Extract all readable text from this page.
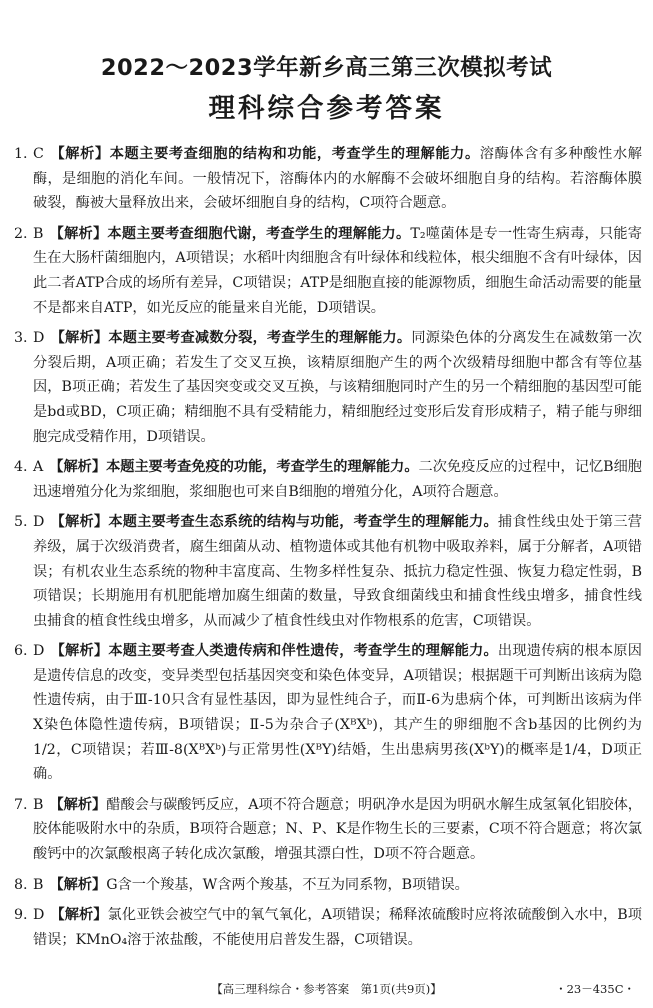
2022～2023学年新乡高三第三次模拟考试
理科综合参考答案
1. C 【解析】本题主要考查细胞的结构和功能，考查学生的理解能力。溶酶体含有多种酸性水解酶，是细胞的消化车间。一般情况下，溶酶体内的水解酶不会破坏细胞自身的结构。若溶酶体膜破裂，酶被大量释放出来，会破坏细胞自身的结构，C项符合题意。
2. B 【解析】本题主要考查细胞代谢，考查学生的理解能力。T₂噬菌体是专一性寄生病毒，只能寄生在大肠杆菌细胞内，A项错误；水稻叶肉细胞含有叶绿体和线粒体，根尖细胞不含有叶绿体，因此二者ATP合成的场所有差异，C项错误；ATP是细胞直接的能源物质，细胞生命活动需要的能量不是都来自ATP，如光反应的能量来自光能，D项错误。
3. D 【解析】本题主要考查减数分裂，考查学生的理解能力。同源染色体的分离发生在减数第一次分裂后期，A项正确；若发生了交叉互换，该精原细胞产生的两个次级精母细胞中都含有等位基因，B项正确；若发生了基因突变或交叉互换，与该精细胞同时产生的另一个精细胞的基因型可能是bd或BD，C项正确；精细胞不具有受精能力，精细胞经过变形后发育形成精子，精子能与卵细胞完成受精作用，D项错误。
4. A 【解析】本题主要考查免疫的功能，考查学生的理解能力。二次免疫反应的过程中，记忆B细胞迅速增殖分化为浆细胞，浆细胞也可来自B细胞的增殖分化，A项符合题意。
5. D 【解析】本题主要考查生态系统的结构与功能，考查学生的理解能力。捕食性线虫处于第三营养级，属于次级消费者，腐生细菌从动、植物遗体或其他有机物中吸取养料，属于分解者，A项错误；有机农业生态系统的物种丰富度高、生物多样性复杂、抵抗力稳定性强、恢复力稳定性弱，B项错误；长期施用有机肥能增加腐生细菌的数量，导致食细菌线虫和捕食性线虫增多，捕食性线虫捕食的植食性线虫增多，从而减少了植食性线虫对作物根系的危害，C项错误。
6. D 【解析】本题主要考查人类遗传病和伴性遗传，考查学生的理解能力。出现遗传病的根本原因是遗传信息的改变，变异类型包括基因突变和染色体变异，A项错误；根据题干可判断出该病为隐性遗传病，由于Ⅲ-10只含有显性基因，即为显性纯合子，而Ⅱ-6为患病个体，可判断出该病为伴X染色体隐性遗传病，B项错误；Ⅱ-5为杂合子(XᴮXᵇ)，其产生的卵细胞不含b基因的比例约为1/2，C项错误；若Ⅲ-8(XᴮXᵇ)与正常男性(XᴮY)结婚，生出患病男孩(XᵇY)的概率是1/4，D项正确。
7. B 【解析】醋酸会与碳酸钙反应，A项不符合题意；明矾净水是因为明矾水解生成氢氧化铝胶体，胶体能吸附水中的杂质，B项符合题意；N、P、K是作物生长的三要素，C项不符合题意；将次氯酸钙中的次氯酸根离子转化成次氯酸，增强其漂白性，D项不符合题意。
8. B 【解析】G含一个羧基，W含两个羧基，不互为同系物，B项错误。
9. D 【解析】氯化亚铁会被空气中的氧气氧化，A项错误；稀释浓硫酸时应将浓硫酸倒入水中，B项错误；KMnO₄溶于浓盐酸，不能使用启普发生器，C项错误。
【高三理科综合・参考答案　第1页(共9页)】	・23－435C・
